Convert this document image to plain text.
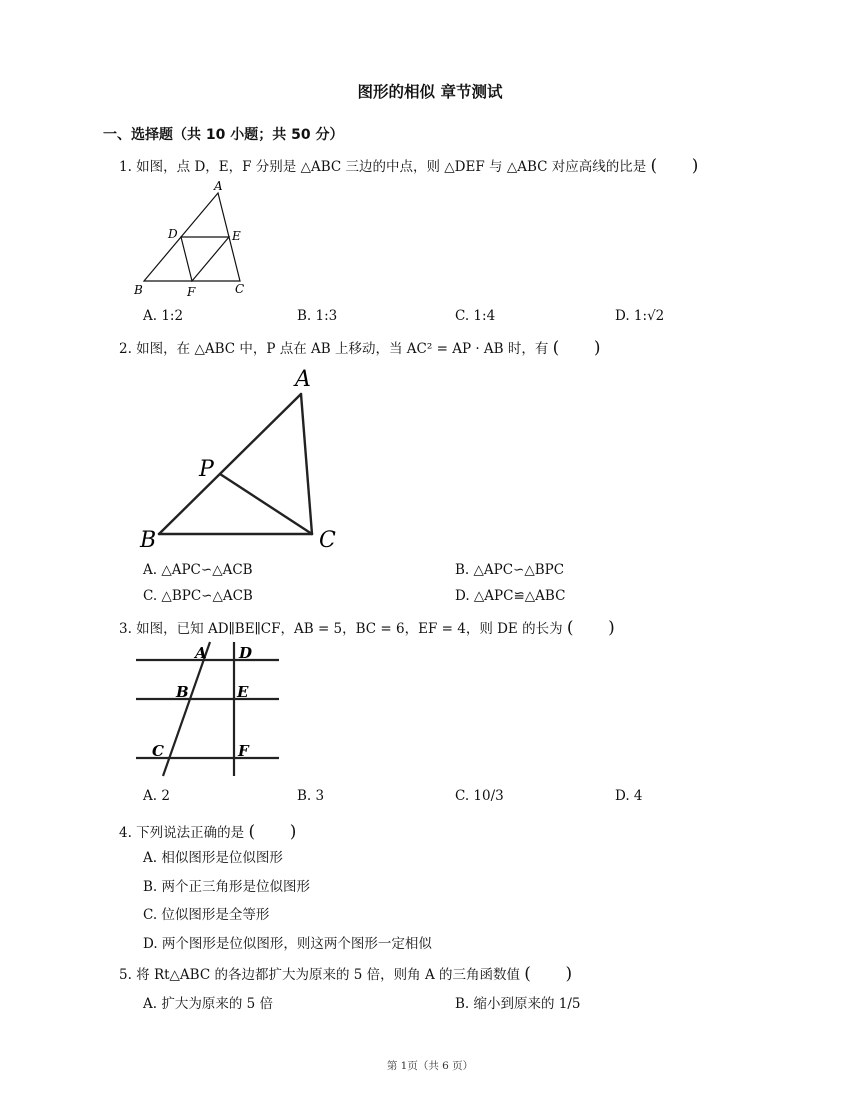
图形的相似 章节测试
一、选择题（共 10 小题；共 50 分）
1. 如图，点 D，E，F 分别是 △ABC 三边的中点，则 △DEF 与 △ABC 对应高线的比是 ( )
A
D	E
B	F	C
A. 1:2	B. 1:3	C. 1:4	D. 1:√2
2. 如图，在 △ABC 中，P 点在 AB 上移动，当 AC² = AP · AB 时，有 ( )
A
P
B	C
A. △APC∽△ACB	B. △APC∽△BPC
C. △BPC∽△ACB	D. △APC≌△ABC
3. 如图，已知 AD∥BE∥CF，AB = 5，BC = 6，EF = 4，则 DE 的长为 ( )
A D
B	E
C	F
A. 2	B. 3	C. 10/3	D. 4
4. 下列说法正确的是 ( )
A. 相似图形是位似图形
B. 两个正三角形是位似图形
C. 位似图形是全等形
D. 两个图形是位似图形，则这两个图形一定相似
5. 将 Rt△ABC 的各边都扩大为原来的 5 倍，则角 A 的三角函数值 ( )
A. 扩大为原来的 5 倍	B. 缩小到原来的 1/5
第 1页（共 6 页）
